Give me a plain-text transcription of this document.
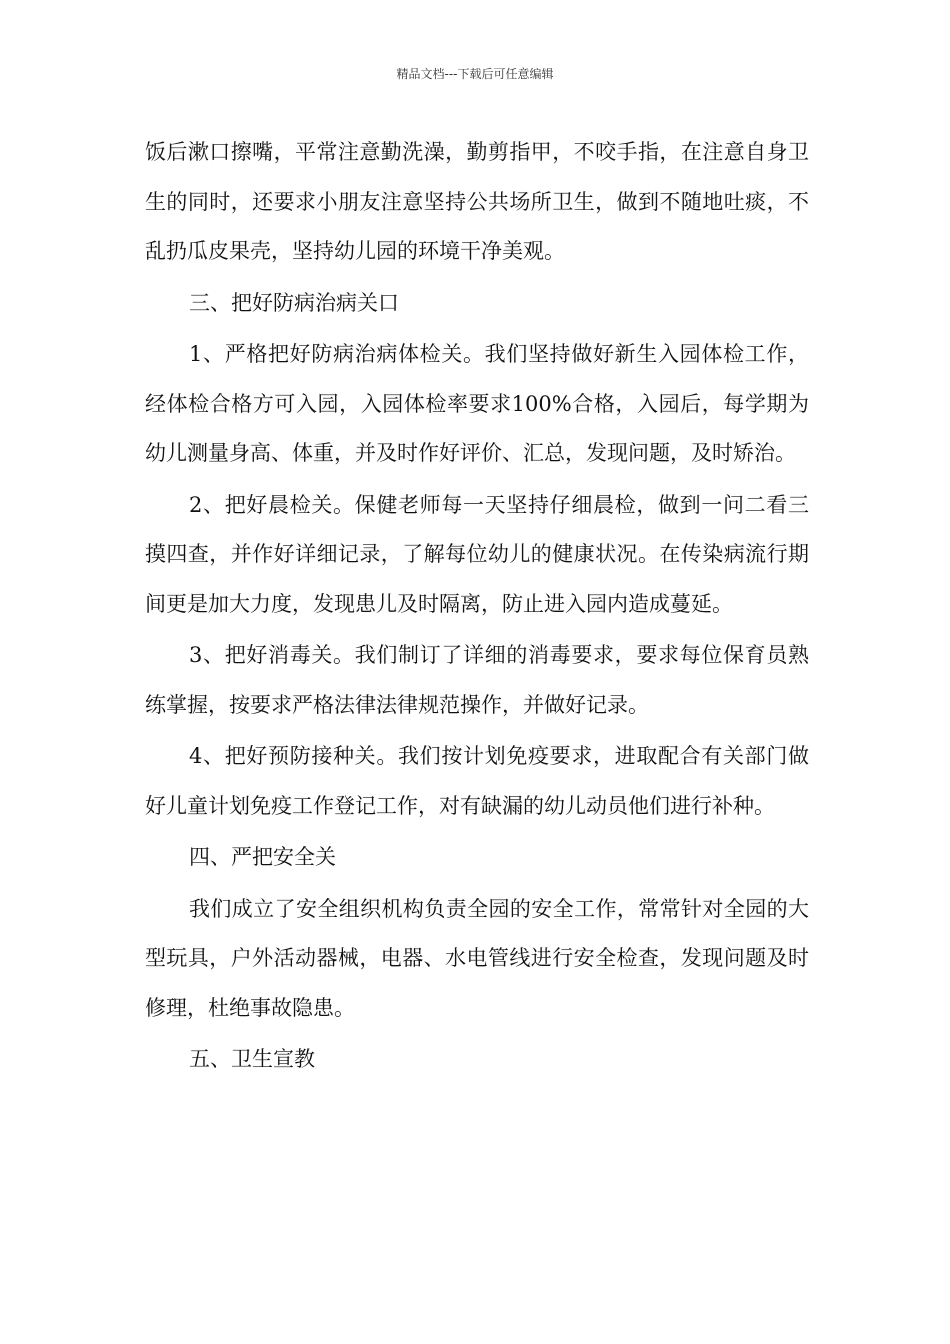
精品文档---下载后可任意编辑

饭后漱口擦嘴，平常注意勤洗澡，勤剪指甲，不咬手指，在注意自身卫生的同时，还要求小朋友注意坚持公共场所卫生，做到不随地吐痰，不乱扔瓜皮果壳，坚持幼儿园的环境干净美观。

三、把好防病治病关口

1、严格把好防病治病体检关。我们坚持做好新生入园体检工作，经体检合格方可入园，入园体检率要求100%合格，入园后，每学期为幼儿测量身高、体重，并及时作好评价、汇总，发现问题，及时矫治。

2、把好晨检关。保健老师每一天坚持仔细晨检，做到一问二看三摸四查，并作好详细记录，了解每位幼儿的健康状况。在传染病流行期间更是加大力度，发现患儿及时隔离，防止进入园内造成蔓延。

3、把好消毒关。我们制订了详细的消毒要求，要求每位保育员熟练掌握，按要求严格法律法律规范操作，并做好记录。

4、把好预防接种关。我们按计划免疫要求，进取配合有关部门做好儿童计划免疫工作登记工作，对有缺漏的幼儿动员他们进行补种。

四、严把安全关

我们成立了安全组织机构负责全园的安全工作，常常针对全园的大型玩具，户外活动器械，电器、水电管线进行安全检查，发现问题及时修理，杜绝事故隐患。

五、卫生宣教
